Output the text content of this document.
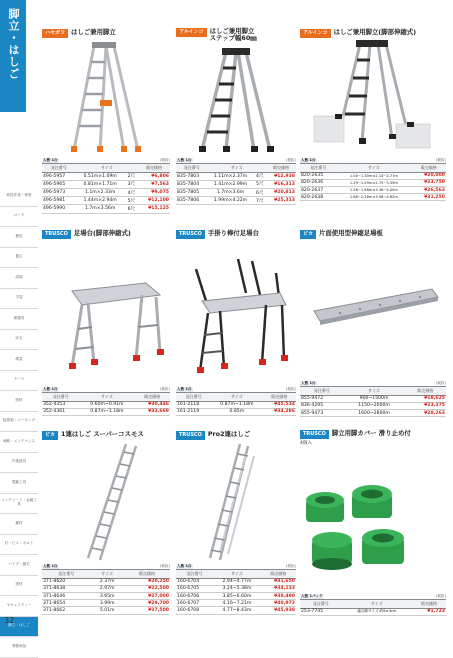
脚立・はしご
荷役作業・保管
ロープ
梱包
養生
清掃
手袋
保護具
安全
測量
テープ
塗料
接着剤・コーキング
補修・メンテナンス
作業道具
電動工具
コンクリート・金属工具
鍵材
釘・ビス・ボルト
パイプ・継手
建材
セキュリティー
脚立・はしご
季節商品
32
ハセガワ はしご兼用脚立
入数 1台	(税抜)
発注番号	サイズ		販売価格
496-5957	0.51m×1.09m	2尺	¥6,806
496-5965	0.81m×1.71m	3尺	¥7,563
496-5973	1.1m×2.33m	4尺	¥9,075
496-5981	1.44m×2.94m	5尺	¥12,100
496-5990	1.7m×3.56m	6尺	¥15,125
アルインコ はしご兼用脚立
ステップ幅60㎜
入数 1台	(税抜)
発注番号	サイズ		販売価格
835-7803	1.11m×2.37m	4尺	¥12,938
835-7804	1.41m×2.99m	5尺	¥16,313
835-7805	1.7m×3.6m	6尺	¥20,813
835-7806	1.99m×4.22m	7尺	¥25,313
アルインコ はしご兼用脚立(脚部伸縮式)
入数 1台	(税抜)
発注番号	サイズ	販売価格
820-2635	1.00~1.30m×2.13~2.77m	¥20,000
820-2636	1.29~1.59m×2.75~3.39m	¥23,750
820-2637	1.58~1.88m×3.36~4.00m	¥26,563
820-2638	1.88~2.18m×3.98~4.62m	¥31,250
TRUSCO 足場台(脚部伸縮式)
入数 1台	(税抜)
発注番号	サイズ	販売価格
352-4353	0.60m~0.91m	¥30,446
352-4361	0.87m~1.18m	¥33,669
TRUSCO 手掛り棒付足場台
入数 1台	(税抜)
発注番号	サイズ	販売価格
161-2118	0.87m~1.18m	¥45,534
161-2119	0.85m	¥34,286
ピカ 片面使用型伸縮足場板
入数 1台	(税抜)
発注番号	サイズ	販売価格
855-9472	900~1500m	¥18,625
836-4295	1150~2000m	¥23,375
855-9473	1600~2800m	¥28,263
ピカ 1連はしご スーパーコスモス
入数 1台	(税抜)
発注番号	サイズ	販売価格
371-8620	2.37m	¥20,250
371-8638	2.97m	¥22,500
371-8646	3.65m	¥27,000
371-8654	3.99m	¥29,700
371-8662	5.01m	¥37,500
TRUSCO Pro2連はしご
入数 1台	(税抜)
発注番号	サイズ	販売価格
160-6704	2.94~4.77m	¥31,650
160-6705	3.24~5.38m	¥34,133
160-6706	3.85~6.60m	¥38,490
160-6707	4.16~7.21m	¥40,972
160-6708	4.77~8.43m	¥45,938
TRUSCO 脚立用脚カバー 滑り止め付
4個入
入数 1パック	(税抜)
発注番号	サイズ	販売価格
253-7745	適合脚サイズ:約6×4cm	¥1,723
